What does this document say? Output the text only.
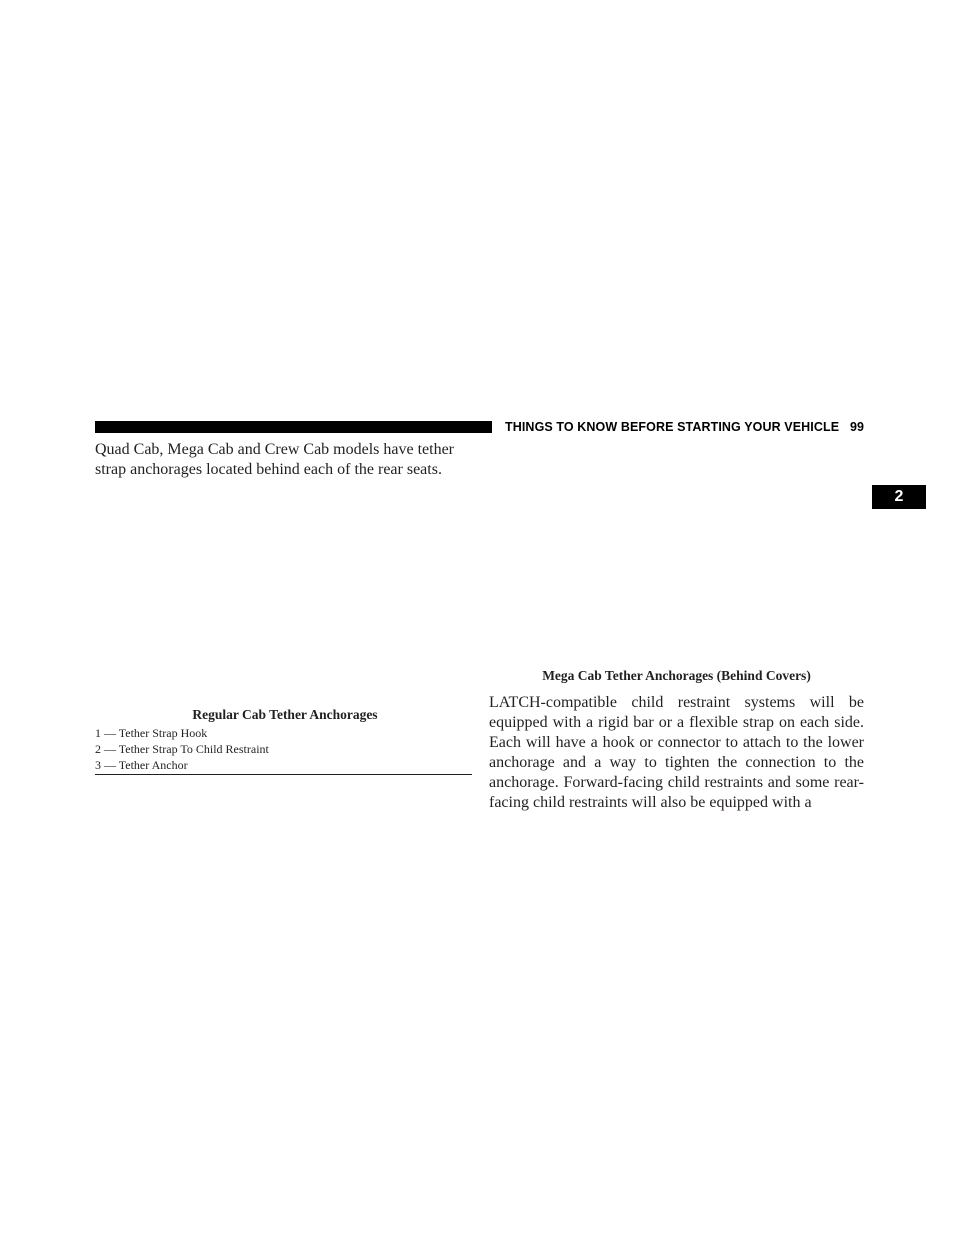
THINGS TO KNOW BEFORE STARTING YOUR VEHICLE 99
2

Quad Cab, Mega Cab and Crew Cab models have tether strap anchorages located behind each of the rear seats.

Mega Cab Tether Anchorages (Behind Covers)
Regular Cab Tether Anchorages
1 — Tether Strap Hook
2 — Tether Strap To Child Restraint
3 — Tether Anchor

LATCH-compatible child restraint systems will be equipped with a rigid bar or a flexible strap on each side. Each will have a hook or connector to attach to the lower anchorage and a way to tighten the connection to the anchorage. Forward-facing child restraints and some rear-facing child restraints will also be equipped with a
